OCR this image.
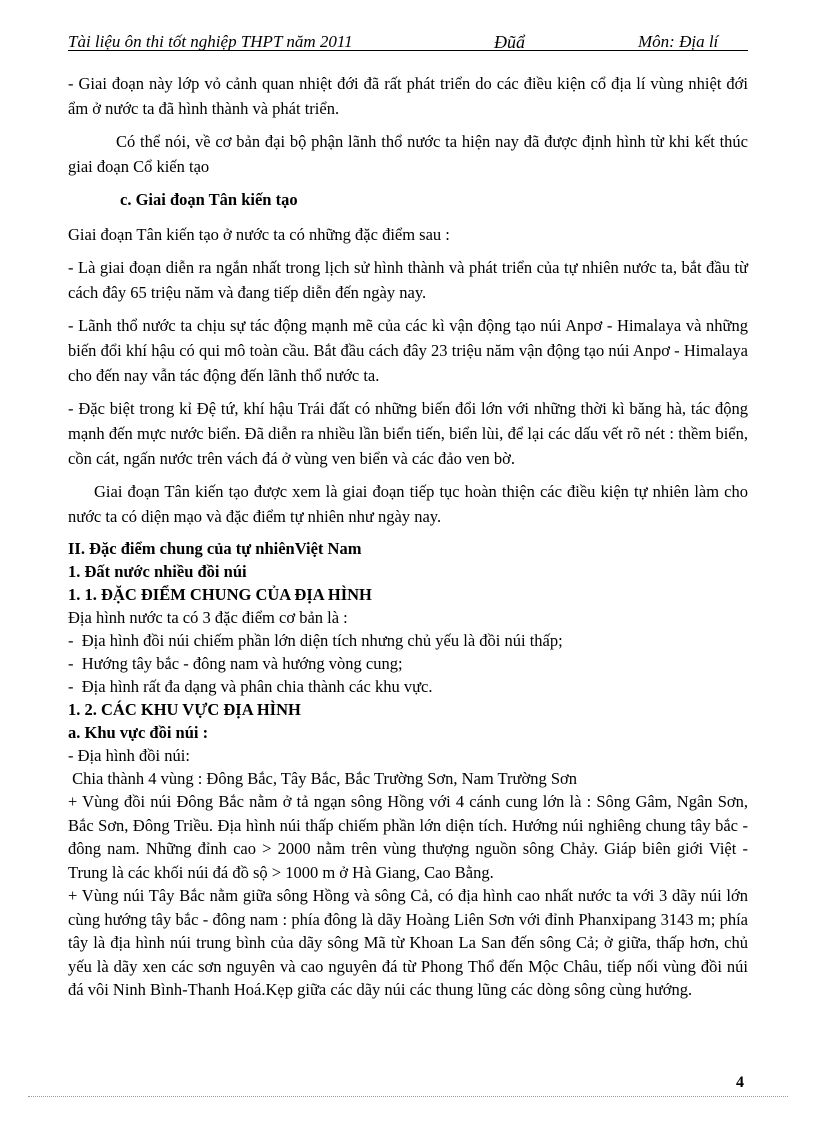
Tài liệu ôn thi tốt nghiệp THPT năm 2011	Ðũẩ	Môn: Địa lí

- Giai đoạn này lớp vỏ cảnh quan nhiệt đới đã rất phát triển do các điều kiện cổ địa lí vùng nhiệt đới ẩm ở nước ta đã hình thành và phát triển.

Có thể nói, về cơ bản đại bộ phận lãnh thổ nước ta hiện nay đã được định hình từ khi kết thúc giai đoạn Cổ kiến tạo

c. Giai đoạn Tân kiến tạo

Giai đoạn Tân kiến tạo ở nước ta có những đặc điểm sau :

- Là giai đoạn diễn ra ngắn nhất trong lịch sử hình thành và phát triển của tự nhiên nước ta, bắt đầu từ cách đây 65 triệu năm và đang tiếp diễn đến ngày nay.

- Lãnh thổ nước ta chịu sự tác động mạnh mẽ của các kì vận động tạo núi Anpơ - Himalaya và những biến đổi khí hậu có qui mô toàn cầu. Bắt đầu cách đây 23 triệu năm vận động tạo núi Anpơ - Himalaya cho đến nay vẫn tác động đến lãnh thổ nước ta.

- Đặc biệt trong kỉ Đệ tứ, khí hậu Trái đất có những biến đổi lớn với những thời kì băng hà, tác động mạnh đến mực nước biển. Đã diễn ra nhiều lần biển tiến, biển lùi, để lại các dấu vết rõ nét : thềm biển, cồn cát, ngấn nước trên vách đá ở vùng ven biển và các đảo ven bờ.

Giai đoạn Tân kiến tạo được xem là giai đoạn tiếp tục hoàn thiện các điều kiện tự nhiên làm cho nước ta có diện mạo và đặc điểm tự nhiên như ngày nay.

II. Đặc điểm chung của tự nhiênViệt Nam

1. Đất nước nhiều đồi núi

1. 1. ĐẶC ĐIỂM CHUNG CỦA ĐỊA HÌNH

Địa hình nước ta có 3 đặc điểm cơ bản là :

-  Địa hình đồi núi chiếm phần lớn diện tích nhưng chủ yếu là đồi núi thấp;

-  Hướng tây bắc - đông nam và hướng vòng cung;

-  Địa hình rất đa dạng và phân chia thành các khu vực.

1. 2. CÁC KHU VỰC ĐỊA HÌNH

a. Khu vực đồi núi :

- Địa hình đồi núi:

Chia thành 4 vùng : Đông Bắc, Tây Bắc, Bắc Trường Sơn, Nam Trường Sơn

+ Vùng đồi núi Đông Bắc nằm ở tả ngạn sông Hồng với 4 cánh cung lớn là : Sông Gâm, Ngân Sơn, Bắc Sơn, Đông Triều. Địa hình núi thấp chiếm phần lớn diện tích. Hướng núi nghiêng chung tây bắc - đông nam. Những đỉnh cao > 2000 nằm trên vùng thượng nguồn sông Chảy. Giáp biên giới Việt - Trung là các khối núi đá đồ sộ > 1000 m ở Hà Giang, Cao Bằng.

+ Vùng núi Tây Bắc nằm giữa sông Hồng và sông Cả, có địa hình cao nhất nước ta với 3 dãy núi lớn cùng hướng tây bắc - đông nam : phía đông là dãy Hoàng Liên Sơn với đỉnh Phanxipang 3143 m; phía tây là địa hình núi trung bình của dãy sông Mã từ Khoan La San đến sông Cả; ở giữa, thấp hơn, chủ yếu là dãy xen các sơn nguyên và cao nguyên đá từ Phong Thổ đến Mộc Châu, tiếp nối vùng đồi núi đá vôi Ninh Bình-Thanh Hoá.Kẹp giữa các dãy núi các thung lũng các dòng sông cùng hướng.

4
